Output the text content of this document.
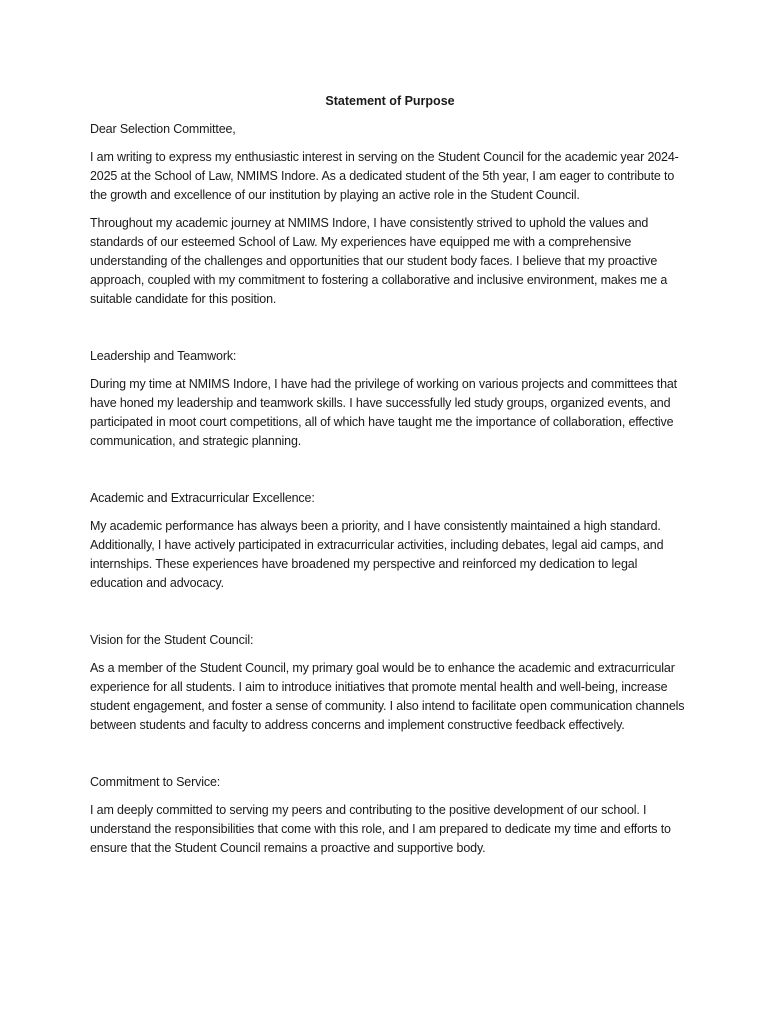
Statement of Purpose

Dear Selection Committee,

I am writing to express my enthusiastic interest in serving on the Student Council for the academic year 2024-2025 at the School of Law, NMIMS Indore. As a dedicated student of the 5th year, I am eager to contribute to the growth and excellence of our institution by playing an active role in the Student Council.

Throughout my academic journey at NMIMS Indore, I have consistently strived to uphold the values and standards of our esteemed School of Law. My experiences have equipped me with a comprehensive understanding of the challenges and opportunities that our student body faces. I believe that my proactive approach, coupled with my commitment to fostering a collaborative and inclusive environment, makes me a suitable candidate for this position.

Leadership and Teamwork:

During my time at NMIMS Indore, I have had the privilege of working on various projects and committees that have honed my leadership and teamwork skills. I have successfully led study groups, organized events, and participated in moot court competitions, all of which have taught me the importance of collaboration, effective communication, and strategic planning.

Academic and Extracurricular Excellence:

My academic performance has always been a priority, and I have consistently maintained a high standard. Additionally, I have actively participated in extracurricular activities, including debates, legal aid camps, and internships. These experiences have broadened my perspective and reinforced my dedication to legal education and advocacy.

Vision for the Student Council:

As a member of the Student Council, my primary goal would be to enhance the academic and extracurricular experience for all students. I aim to introduce initiatives that promote mental health and well-being, increase student engagement, and foster a sense of community. I also intend to facilitate open communication channels between students and faculty to address concerns and implement constructive feedback effectively.

Commitment to Service:

I am deeply committed to serving my peers and contributing to the positive development of our school. I understand the responsibilities that come with this role, and I am prepared to dedicate my time and efforts to ensure that the Student Council remains a proactive and supportive body.
